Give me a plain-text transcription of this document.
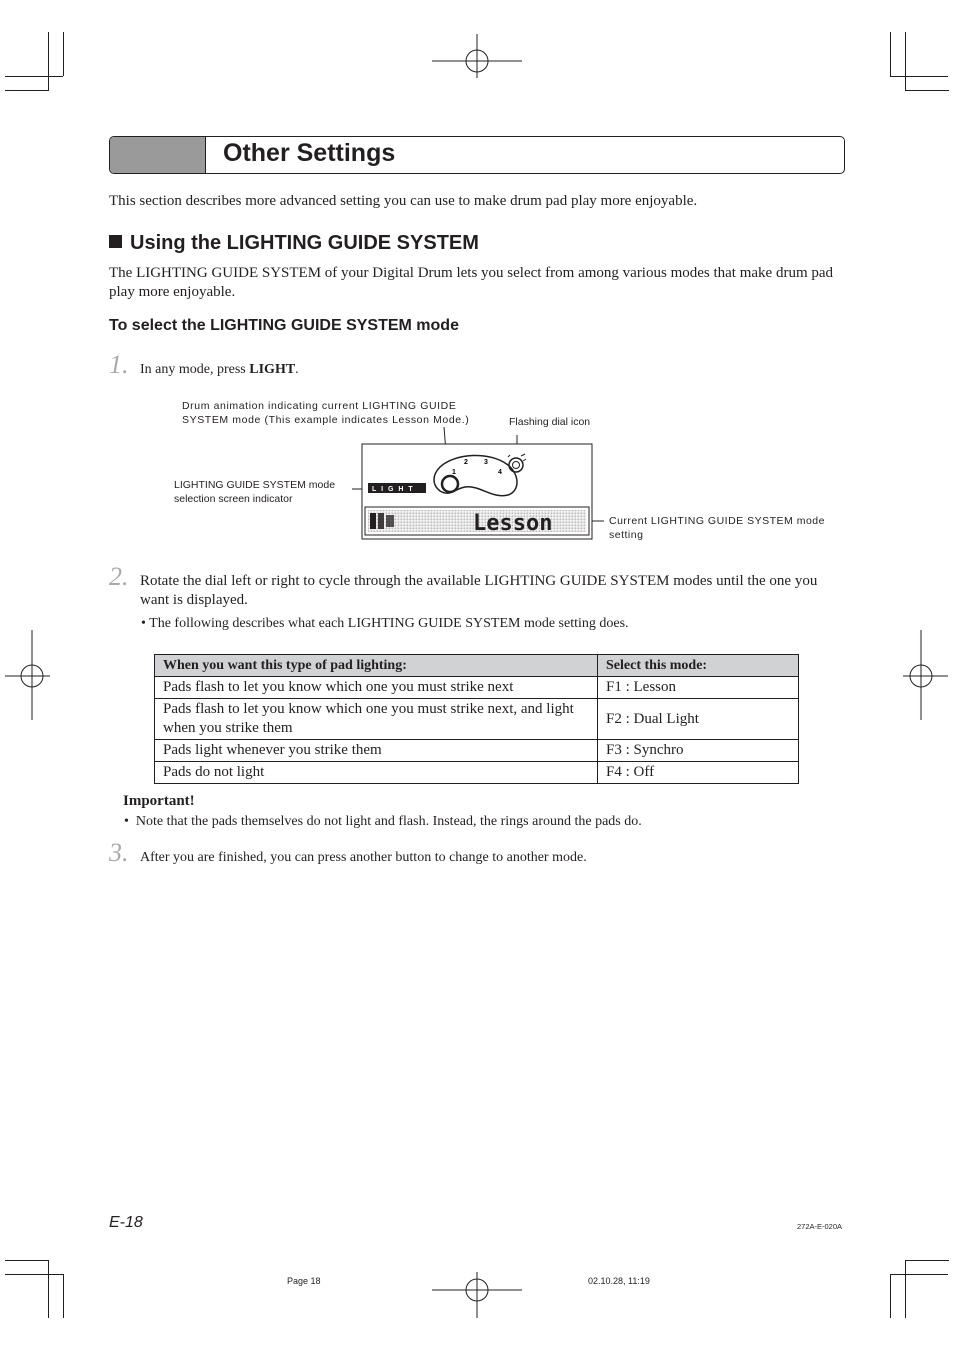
Other Settings
This section describes more advanced setting you can use to make drum pad play more enjoyable.
Using the LIGHTING GUIDE SYSTEM
The LIGHTING GUIDE SYSTEM of your Digital Drum lets you select from among various modes that make drum pad play more enjoyable.
To select the LIGHTING GUIDE SYSTEM mode
1. In any mode, press LIGHT.
Drum animation indicating current LIGHTING GUIDE
SYSTEM mode (This example indicates Lesson Mode.)	Flashing dial icon
LIGHTING GUIDE SYSTEM mode
selection screen indicator
Current LIGHTING GUIDE SYSTEM mode
setting
1
2 3
4
L I G H T
Lesson
2. Rotate the dial left or right to cycle through the available LIGHTING GUIDE SYSTEM modes until the one you want is displayed.
• The following describes what each LIGHTING GUIDE SYSTEM mode setting does.
When you want this type of pad lighting:	Select this mode:
Pads flash to let you know which one you must strike next	F1 : Lesson
Pads flash to let you know which one you must strike next, and light when you strike them	F2 : Dual Light
Pads light whenever you strike them	F3 : Synchro
Pads do not light	F4 : Off
Important!
• Note that the pads themselves do not light and flash. Instead, the rings around the pads do.
3. After you are finished, you can press another button to change to another mode.
E-18	272A-E-020A
Page 18	02.10.28, 11:19
